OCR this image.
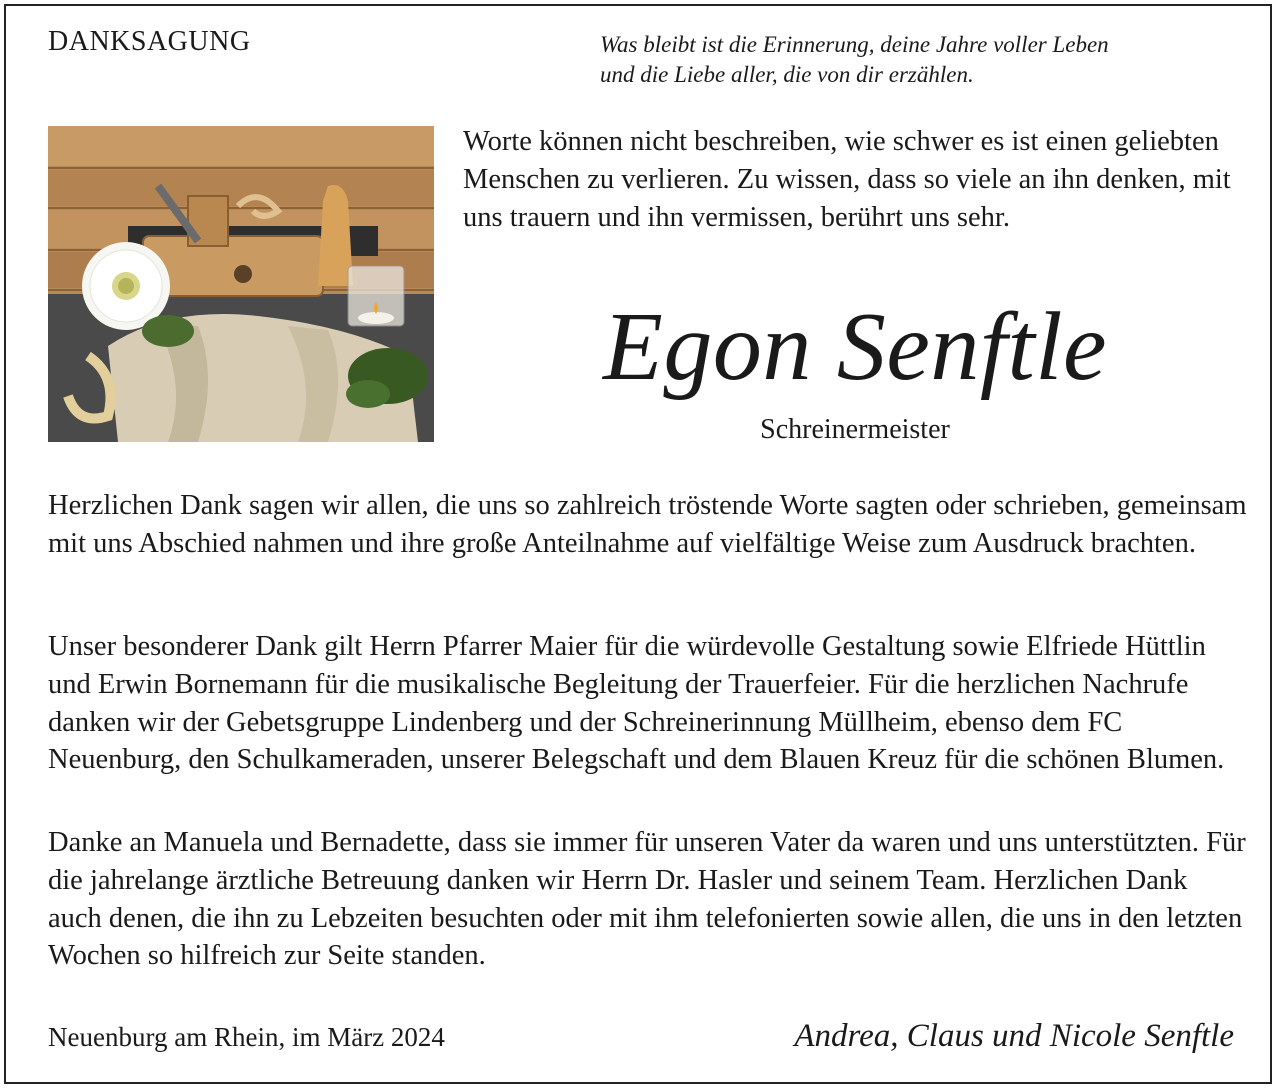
DANKSAGUNG	Was bleibt ist die Erinnerung, deine Jahre voller Leben
und die Liebe aller, die von dir erzählen.

Worte können nicht beschreiben, wie schwer es ist einen geliebten Menschen zu verlieren. Zu wissen, dass so viele an ihn denken, mit uns trauern und ihn vermissen, berührt uns sehr.

Egon Senftle
Schreinermeister

Herzlichen Dank sagen wir allen, die uns so zahlreich tröstende Worte sagten oder schrieben, gemeinsam mit uns Abschied nahmen und ihre große Anteilnahme auf vielfältige Weise zum Ausdruck brachten.

Unser besonderer Dank gilt Herrn Pfarrer Maier für die würdevolle Gestaltung sowie Elfriede Hüttlin und Erwin Bornemann für die musikalische Begleitung der Trauerfeier. Für die herzlichen Nachrufe danken wir der Gebetsgruppe Lindenberg und der Schreinerinnung Müllheim, ebenso dem FC Neuenburg, den Schulkameraden, unserer Belegschaft und dem Blauen Kreuz für die schönen Blumen.

Danke an Manuela und Bernadette, dass sie immer für unseren Vater da waren und uns unterstützten. Für die jahrelange ärztliche Betreuung danken wir Herrn Dr. Hasler und seinem Team. Herzlichen Dank auch denen, die ihn zu Lebzeiten besuchten oder mit ihm telefonierten sowie allen, die uns in den letzten Wochen so hilfreich zur Seite standen.

Neuenburg am Rhein, im März 2024	Andrea, Claus und Nicole Senftle
